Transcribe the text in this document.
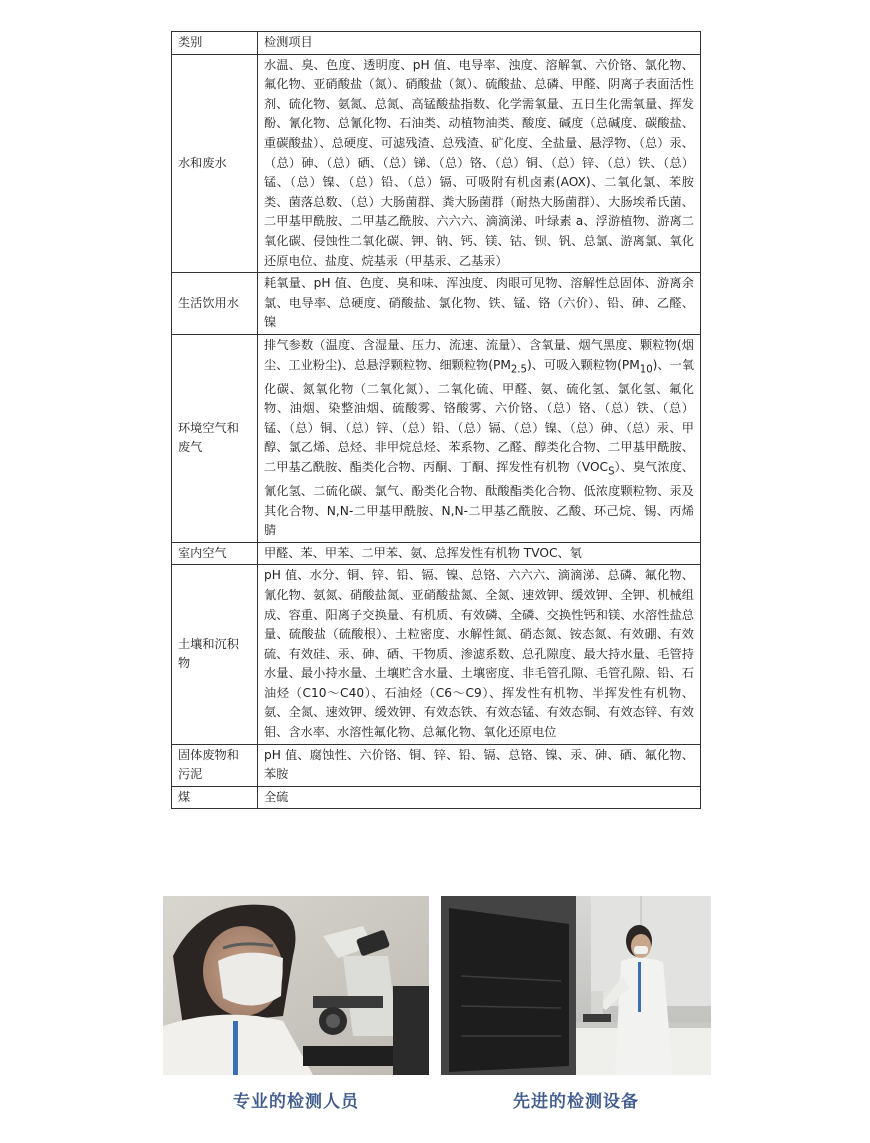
类别	检测项目
水和废水	水温、臭、色度、透明度、pH 值、电导率、浊度、溶解氧、六价铬、氯化物、氟化物、亚硝酸盐（氮）、硝酸盐（氮）、硫酸盐、总磷、甲醛、阴离子表面活性剂、硫化物、氨氮、总氮、高锰酸盐指数、化学需氧量、五日生化需氧量、挥发酚、氰化物、总氰化物、石油类、动植物油类、酸度、碱度（总碱度、碳酸盐、重碳酸盐）、总硬度、可滤残渣、总残渣、矿化度、全盐量、悬浮物、（总）汞、（总）砷、（总）硒、（总）锑、（总）铬、（总）铜、（总）锌、（总）铁、（总）锰、（总）镍、（总）铅、（总）镉、可吸附有机卤素(AOX)、二氧化氯、苯胺类、菌落总数、（总）大肠菌群、粪大肠菌群（耐热大肠菌群）、大肠埃希氏菌、二甲基甲酰胺、二甲基乙酰胺、六六六、滴滴涕、叶绿素 a、浮游植物、游离二氧化碳、侵蚀性二氧化碳、钾、钠、钙、镁、钴、钡、钒、总氯、游离氯、氧化还原电位、盐度、烷基汞（甲基汞、乙基汞）
生活饮用水	耗氧量、pH 值、色度、臭和味、浑浊度、肉眼可见物、溶解性总固体、游离余氯、电导率、总硬度、硝酸盐、氯化物、铁、锰、铬（六价）、铅、砷、乙醛、镍
环境空气和废气	排气参数（温度、含湿量、压力、流速、流量）、含氧量、烟气黑度、颗粒物(烟尘、工业粉尘)、总悬浮颗粒物、细颗粒物$(PM_{2.5})$、可吸入颗粒物$(PM_{10})$、一氧化碳、氮氧化物（二氧化氮）、二氧化硫、甲醛、氨、硫化氢、氯化氢、氟化物、油烟、染整油烟、硫酸雾、铬酸雾、六价铬、（总）铬、（总）铁、（总）锰、（总）铜、（总）锌、（总）铅、（总）镉、（总）镍、（总）砷、（总）汞、甲醇、氯乙烯、总烃、非甲烷总烃、苯系物、乙醛、醇类化合物、二甲基甲酰胺、二甲基乙酰胺、酯类化合物、丙酮、丁酮、挥发性有机物$(VOC_S)$、臭气浓度、氰化氢、二硫化碳、氯气、酚类化合物、酞酸酯类化合物、低浓度颗粒物、汞及其化合物、N,N-二甲基甲酰胺、N,N-二甲基乙酰胺、乙酸、环己烷、锡、丙烯腈
室内空气	甲醛、苯、甲苯、二甲苯、氨、总挥发性有机物 TVOC、氡
土壤和沉积物	pH 值、水分、铜、锌、铅、镉、镍、总铬、六六六、滴滴涕、总磷、氟化物、氰化物、氨氮、硝酸盐氮、亚硝酸盐氮、全氮、速效钾、缓效钾、全钾、机械组成、容重、阳离子交换量、有机质、有效磷、全磷、交换性钙和镁、水溶性盐总量、硫酸盐（硫酸根）、土粒密度、水解性氮、硝态氮、铵态氮、有效硼、有效硫、有效硅、汞、砷、硒、干物质、渗滤系数、总孔隙度、最大持水量、毛管持水量、最小持水量、土壤贮含水量、土壤密度、非毛管孔隙、毛管孔隙、铅、石油烃（C10～C40）、石油烃（C6～C9）、挥发性有机物、半挥发性有机物、氨、全氮、速效钾、缓效钾、有效态铁、有效态锰、有效态铜、有效态锌、有效钼、含水率、水溶性氟化物、总氟化物、氧化还原电位
固体废物和污泥	pH 值、腐蚀性、六价铬、铜、锌、铅、镉、总铬、镍、汞、砷、硒、氟化物、苯胺
煤	全硫
专业的检测人员	先进的检测设备
